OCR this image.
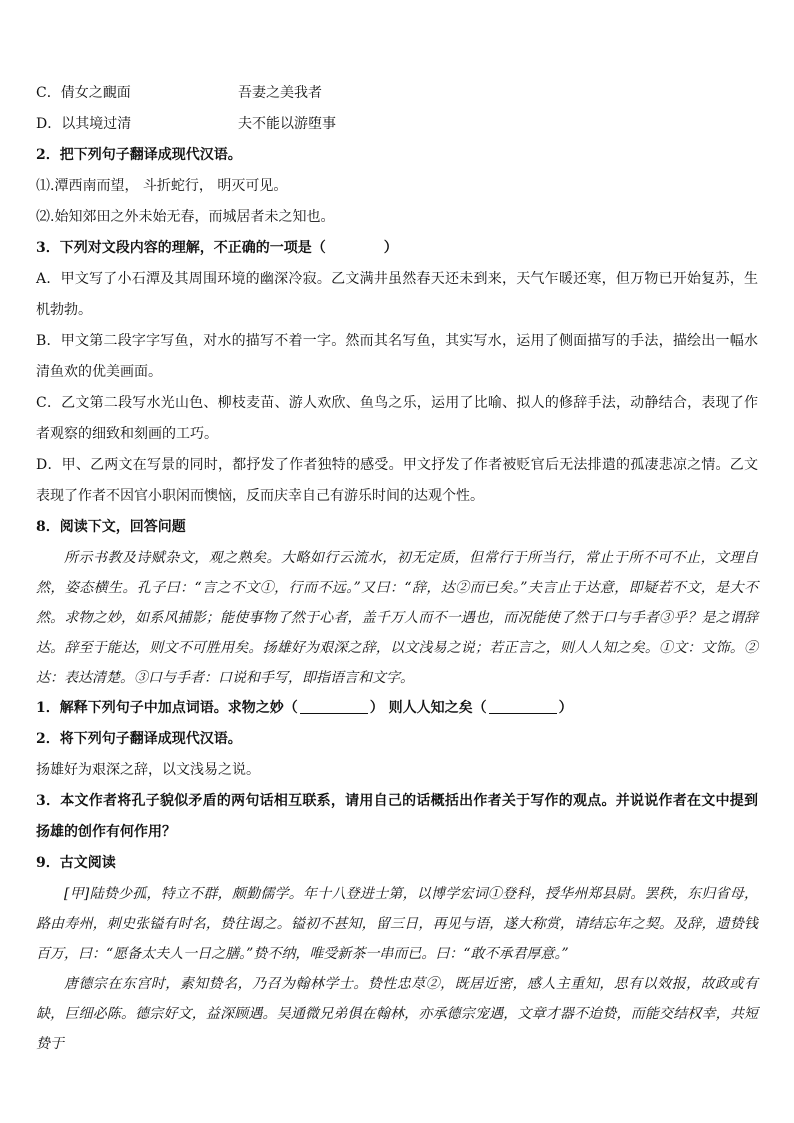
C．倩女之靦面	吾妻之美我者
D．以其境过清	夫不能以游堕事
2．把下列句子翻译成现代汉语。
⑴.潭西南而望， 斗折蛇行， 明灭可见。
⑵.始知郊田之外未始无春，而城居者未之知也。
3．下列对文段内容的理解，不正确的一项是（	）
A．甲文写了小石潭及其周围环境的幽深冷寂。乙文满井虽然春天还未到来，天气乍暖还寒，但万物已开始复苏，生机勃勃。
B．甲文第二段字字写鱼，对水的描写不着一字。然而其名写鱼，其实写水，运用了侧面描写的手法，描绘出一幅水清鱼欢的优美画面。
C．乙文第二段写水光山色、柳枝麦苗、游人欢欣、鱼鸟之乐，运用了比喻、拟人的修辞手法，动静结合，表现了作者观察的细致和刻画的工巧。
D．甲、乙两文在写景的同时，都抒发了作者独特的感受。甲文抒发了作者被贬官后无法排遣的孤凄悲凉之情。乙文表现了作者不因官小职闲而懊恼，反而庆幸自己有游乐时间的达观个性。
8．阅读下文，回答问题
所示书教及诗赋杂文，观之熟矣。大略如行云流水，初无定质，但常行于所当行，常止于所不可不止，文理自然，姿态横生。孔子曰：“言之不文①，行而不远。”又曰：“辞，达②而已矣。”夫言止于达意，即疑若不文，是大不然。求物之妙，如系风捕影；能使事物了然于心者，盖千万人而不一遇也，而况能使了然于口与手者③乎？是之谓辞达。辞至于能达，则文不可胜用矣。扬雄好为艰深之辞，以文浅易之说；若正言之，则人人知之矣。①文：文饰。②达：表达清楚。③口与手者：口说和手写，即指语言和文字。
1．解释下列句子中加点词语。求物之妙（	） 则人人知之矣（	）
2．将下列句子翻译成现代汉语。
扬雄好为艰深之辞，以文浅易之说。
3．本文作者将孔子貌似矛盾的两句话相互联系，请用自己的话概括出作者关于写作的观点。并说说作者在文中提到扬雄的创作有何作用？
9．古文阅读
[甲]陆贽少孤，特立不群，颇勤儒学。年十八登进士第，以博学宏词①登科，授华州郑县尉。罢秩，东归省母，路由寿州，刺史张镒有时名，贽往谒之。镒初不甚知，留三日，再见与语，遂大称赏，请结忘年之契。及辞，遗贽钱百万，曰：“愿备太夫人一日之膳。”贽不纳，唯受新茶一串而已。曰：“敢不承君厚意。”
唐德宗在东宫时，素知贽名，乃召为翰林学士。贽性忠荩②，既居近密，感人主重知，思有以效报，故政或有缺，巨细必陈。德宗好文，益深顾遇。吴通微兄弟俱在翰林，亦承德宗宠遇，文章才器不迨贽，而能交结权幸，共短贽于
